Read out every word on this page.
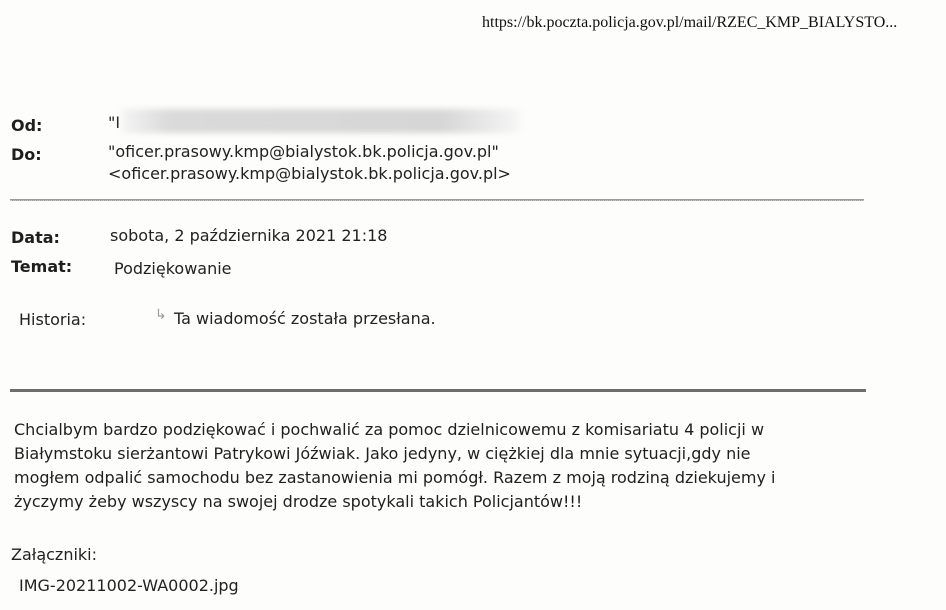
https://bk.poczta.policja.gov.pl/mail/RZEC_KMP_BIALYSTO...
Od:	"I
Do:	"oficer.prasowy.kmp@bialystok.bk.policja.gov.pl"
<oficer.prasowy.kmp@bialystok.bk.policja.gov.pl>
Data:	sobota, 2 października 2021 21:18
Temat:	Podziękowanie
Historia:	↳ Ta wiadomość została przesłana.
Chcialbym bardzo podziękować i pochwalić za pomoc dzielnicowemu z komisariatu 4 policji w
Białymstoku sierżantowi Patrykowi Jóźwiak. Jako jedyny, w ciężkiej dla mnie sytuacji,gdy nie
mogłem odpalić samochodu bez zastanowienia mi pomógł. Razem z moją rodziną dziekujemy i
życzymy żeby wszyscy na swojej drodze spotykali takich Policjantów!!!
Załączniki:
IMG-20211002-WA0002.jpg
